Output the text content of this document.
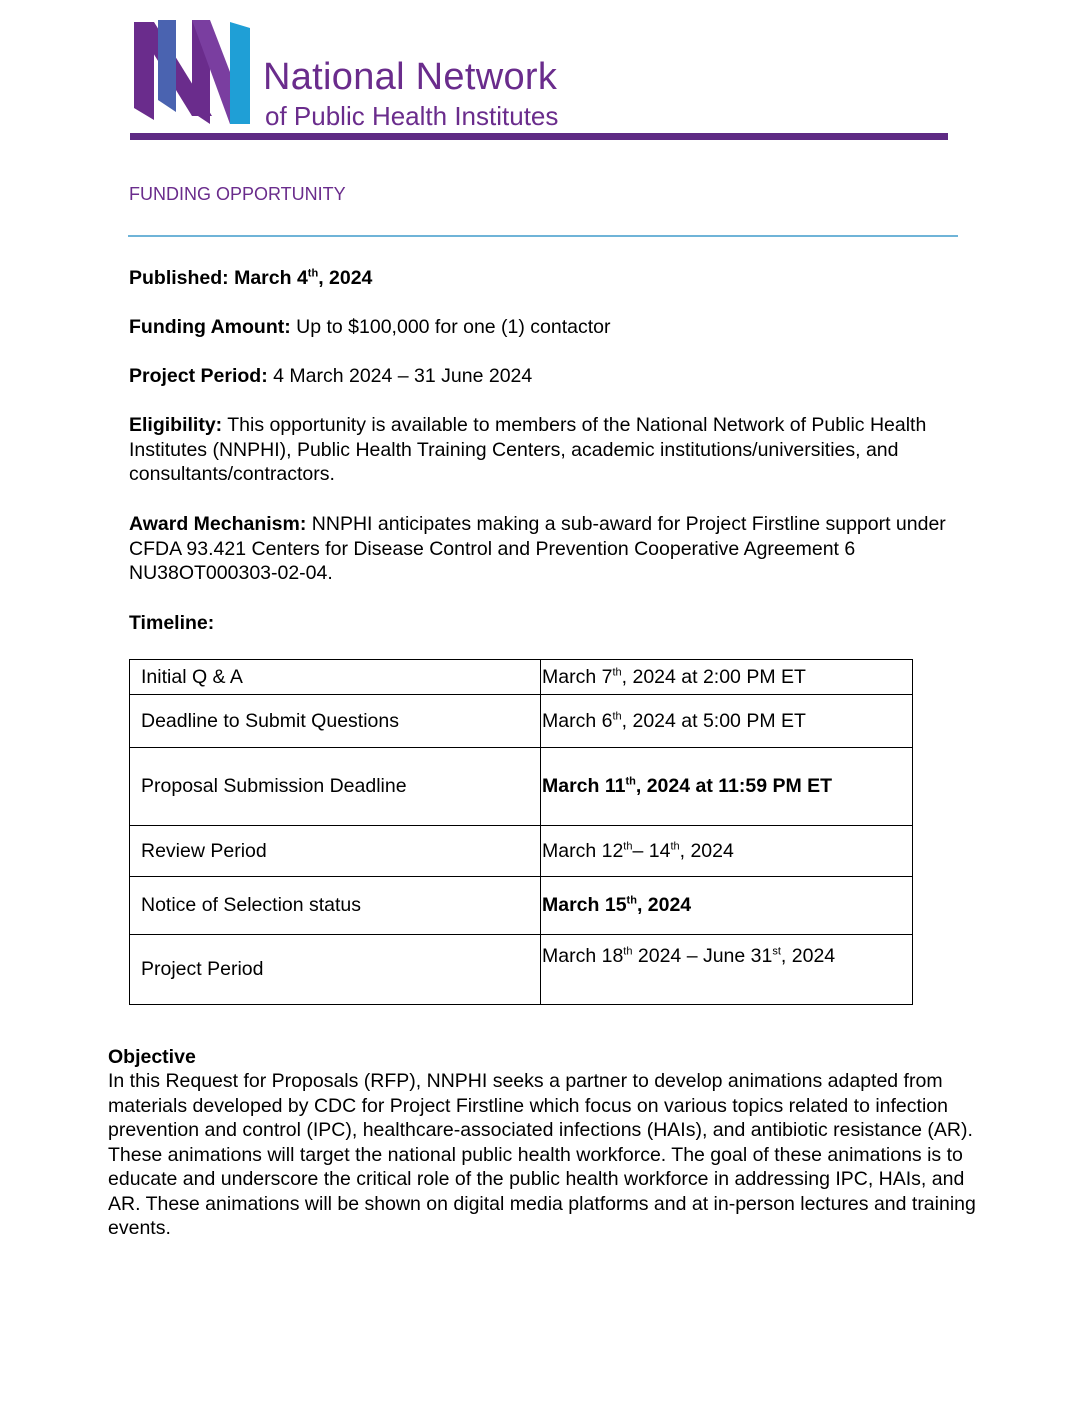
National Network
of Public Health Institutes
FUNDING OPPORTUNITY
Published: March 4th, 2024
Funding Amount: Up to $100,000 for one (1) contactor
Project Period: 4 March 2024 – 31 June 2024
Eligibility: This opportunity is available to members of the National Network of Public Health Institutes (NNPHI), Public Health Training Centers, academic institutions/universities, and consultants/contractors.
Award Mechanism: NNPHI anticipates making a sub-award for Project Firstline support under CFDA 93.421 Centers for Disease Control and Prevention Cooperative Agreement 6 NU38OT000303-02-04.
Timeline:
Initial Q & A	March 7th, 2024 at 2:00 PM ET
Deadline to Submit Questions	March 6th, 2024 at 5:00 PM ET
Proposal Submission Deadline	March 11th, 2024 at 11:59 PM ET
Review Period	March 12th– 14th, 2024
Notice of Selection status	March 15th, 2024
Project Period	March 18th 2024 – June 31st, 2024
Objective
In this Request for Proposals (RFP), NNPHI seeks a partner to develop animations adapted from materials developed by CDC for Project Firstline which focus on various topics related to infection prevention and control (IPC), healthcare-associated infections (HAIs), and antibiotic resistance (AR). These animations will target the national public health workforce. The goal of these animations is to educate and underscore the critical role of the public health workforce in addressing IPC, HAIs, and AR. These animations will be shown on digital media platforms and at in-person lectures and training events.
